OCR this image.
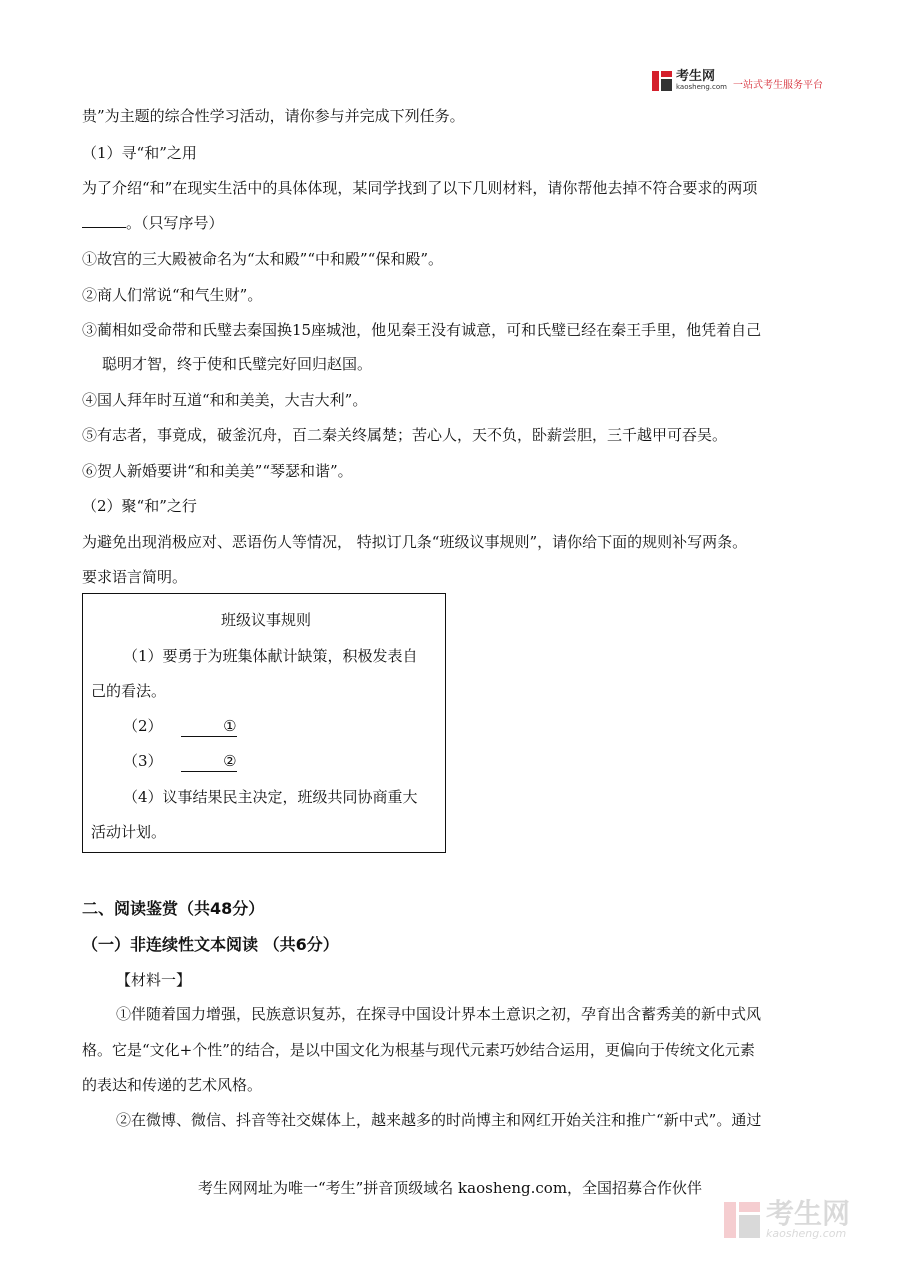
考生网
kaosheng.com 一站式考生服务平台
贵”为主题的综合性学习活动，请你参与并完成下列任务。
（1）寻“和”之用
为了介绍“和”在现实生活中的具体体现，某同学找到了以下几则材料，请你帮他去掉不符合要求的两项
。（只写序号）
①故宫的三大殿被命名为“太和殿”“中和殿”“保和殿”。
②商人们常说“和气生财”。
③蔺相如受命带和氏璧去秦国换15座城池，他见秦王没有诚意，可和氏璧已经在秦王手里，他凭着自己
聪明才智，终于使和氏璧完好回归赵国。
④国人拜年时互道“和和美美，大吉大利”。
⑤有志者，事竟成，破釜沉舟，百二秦关终属楚；苦心人，天不负，卧薪尝胆，三千越甲可吞吴。
⑥贺人新婚要讲“和和美美”“琴瑟和谐”。
（2）聚“和”之行
为避免出现消极应对、恶语伤人等情况， 特拟订几条“班级议事规则”，请你给下面的规则补写两条。
要求语言简明。
班级议事规则
（1）要勇于为班集体献计缺策，积极发表自
己的看法。
（2）	①
（3）	②
（4）议事结果民主决定，班级共同协商重大
活动计划。
二、阅读鉴赏（共48分）
（一）非连续性文本阅读 （共6分）
【材料一】
①伴随着国力增强，民族意识复苏，在探寻中国设计界本土意识之初，孕育出含蓄秀美的新中式风
格。它是“文化+个性”的结合，是以中国文化为根基与现代元素巧妙结合运用，更偏向于传统文化元素
的表达和传递的艺术风格。
②在微博、微信、抖音等社交媒体上，越来越多的时尚博主和网红开始关注和推广“新中式”。通过
考生网网址为唯一“考生”拼音顶级域名 kaosheng.com，全国招募合作伙伴
考生网
kaosheng.com
